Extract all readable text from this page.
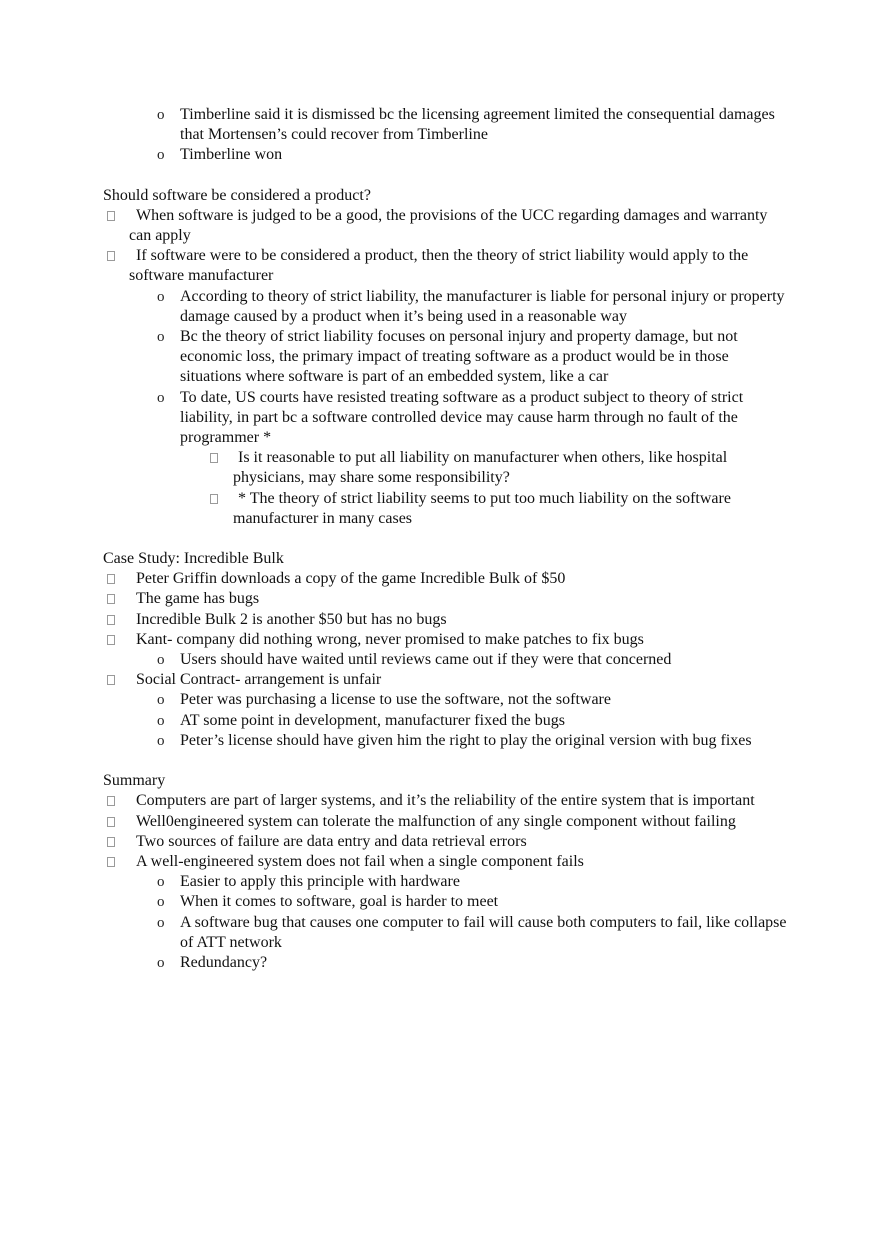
o Timberline said it is dismissed bc the licensing agreement limited the consequential damages that Mortensen’s could recover from Timberline
o Timberline won
Should software be considered a product?
When software is judged to be a good, the provisions of the UCC regarding damages and warranty can apply
If software were to be considered a product, then the theory of strict liability would apply to the software manufacturer
o According to theory of strict liability, the manufacturer is liable for personal injury or property damage caused by a product when it’s being used in a reasonable way
o Bc the theory of strict liability focuses on personal injury and property damage, but not economic loss, the primary impact of treating software as a product would be in those situations where software is part of an embedded system, like a car
o To date, US courts have resisted treating software as a product subject to theory of strict liability, in part bc a software controlled device may cause harm through no fault of the programmer *
Is it reasonable to put all liability on manufacturer when others, like hospital physicians, may share some responsibility?
* The theory of strict liability seems to put too much liability on the software manufacturer in many cases
Case Study: Incredible Bulk
Peter Griffin downloads a copy of the game Incredible Bulk of $50
The game has bugs
Incredible Bulk 2 is another $50 but has no bugs
Kant- company did nothing wrong, never promised to make patches to fix bugs
o Users should have waited until reviews came out if they were that concerned
Social Contract- arrangement is unfair
o Peter was purchasing a license to use the software, not the software
o AT some point in development, manufacturer fixed the bugs
o Peter’s license should have given him the right to play the original version with bug fixes
Summary
Computers are part of larger systems, and it’s the reliability of the entire system that is important
Well0engineered system can tolerate the malfunction of any single component without failing
Two sources of failure are data entry and data retrieval errors
A well-engineered system does not fail when a single component fails
o Easier to apply this principle with hardware
o When it comes to software, goal is harder to meet
o A software bug that causes one computer to fail will cause both computers to fail, like collapse of ATT network
o Redundancy?
